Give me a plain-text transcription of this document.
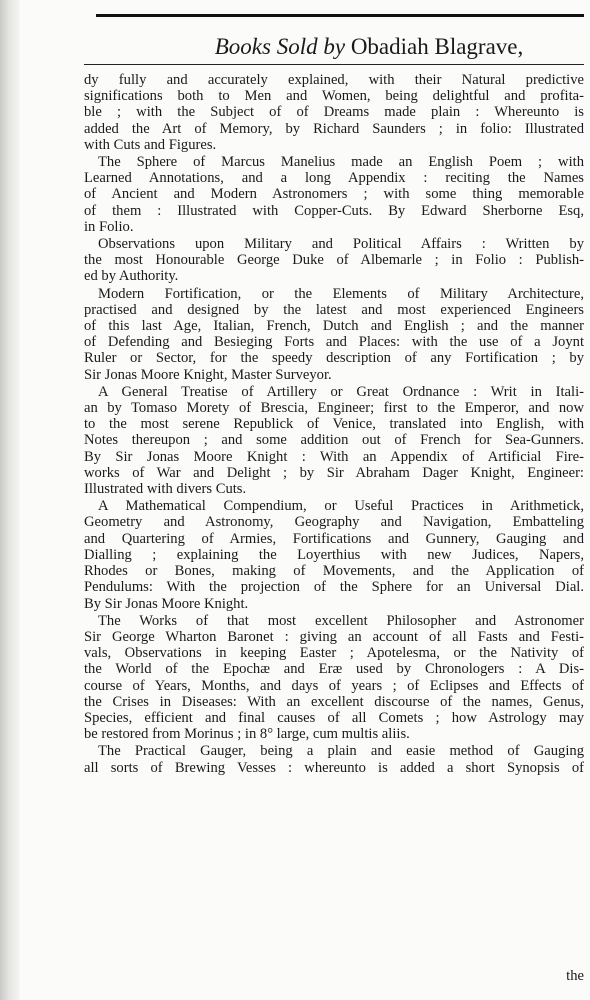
Books Sold by Obadiah Blagrave,
dy fully and accurately explained, with their Natural predictive
significations both to Men and Women, being delightful and profita-
ble ; with the Subject of of Dreams made plain : Whereunto is
added the Art of Memory, by Richard Saunders ; in folio: Illustrated
with Cuts and Figures.
The Sphere of Marcus Manelius made an English Poem ; with
Learned Annotations, and a long Appendix : reciting the Names
of Ancient and Modern Astronomers ; with some thing memorable
of them : Illustrated with Copper-Cuts. By Edward Sherborne Esq,
in Folio.
Observations upon Military and Political Affairs : Written by
the most Honourable George Duke of Albemarle ; in Folio : Publish-
ed by Authority.
Modern Fortification, or the Elements of Military Architecture,
practised and designed by the latest and most experienced Engineers
of this last Age, Italian, French, Dutch and English ; and the manner
of Defending and Besieging Forts and Places: with the use of a Joynt
Ruler or Sector, for the speedy description of any Fortification ; by
Sir Jonas Moore Knight, Master Surveyor.
A General Treatise of Artillery or Great Ordnance : Writ in Itali-
an by Tomaso Morety of Brescia, Engineer; first to the Emperor, and now
to the most serene Republick of Venice, translated into English, with
Notes thereupon ; and some addition out of French for Sea-Gunners.
By Sir Jonas Moore Knight : With an Appendix of Artificial Fire-
works of War and Delight ; by Sir Abraham Dager Knight, Engineer:
Illustrated with divers Cuts.
A Mathematical Compendium, or Useful Practices in Arithmetick,
Geometry and Astronomy, Geography and Navigation, Embatteling
and Quartering of Armies, Fortifications and Gunnery, Gauging and
Dialling ; explaining the Loyerthius with new Judices, Napers,
Rhodes or Bones, making of Movements, and the Application of
Pendulums: With the projection of the Sphere for an Universal Dial.
By Sir Jonas Moore Knight.
The Works of that most excellent Philosopher and Astronomer
Sir George Wharton Baronet : giving an account of all Fasts and Festi-
vals, Observations in keeping Easter ; Apotelesma, or the Nativity of
the World of the Epochæ and Eræ used by Chronologers : A Dis-
course of Years, Months, and days of years ; of Eclipses and Effects of
the Crises in Diseases: With an excellent discourse of the names, Genus,
Species, efficient and final causes of all Comets ; how Astrology may
be restored from Morinus ; in 8° large, cum multis aliis.
The Practical Gauger, being a plain and easie method of Gauging
all sorts of Brewing Vesses : whereunto is added a short Synopsis of
the
